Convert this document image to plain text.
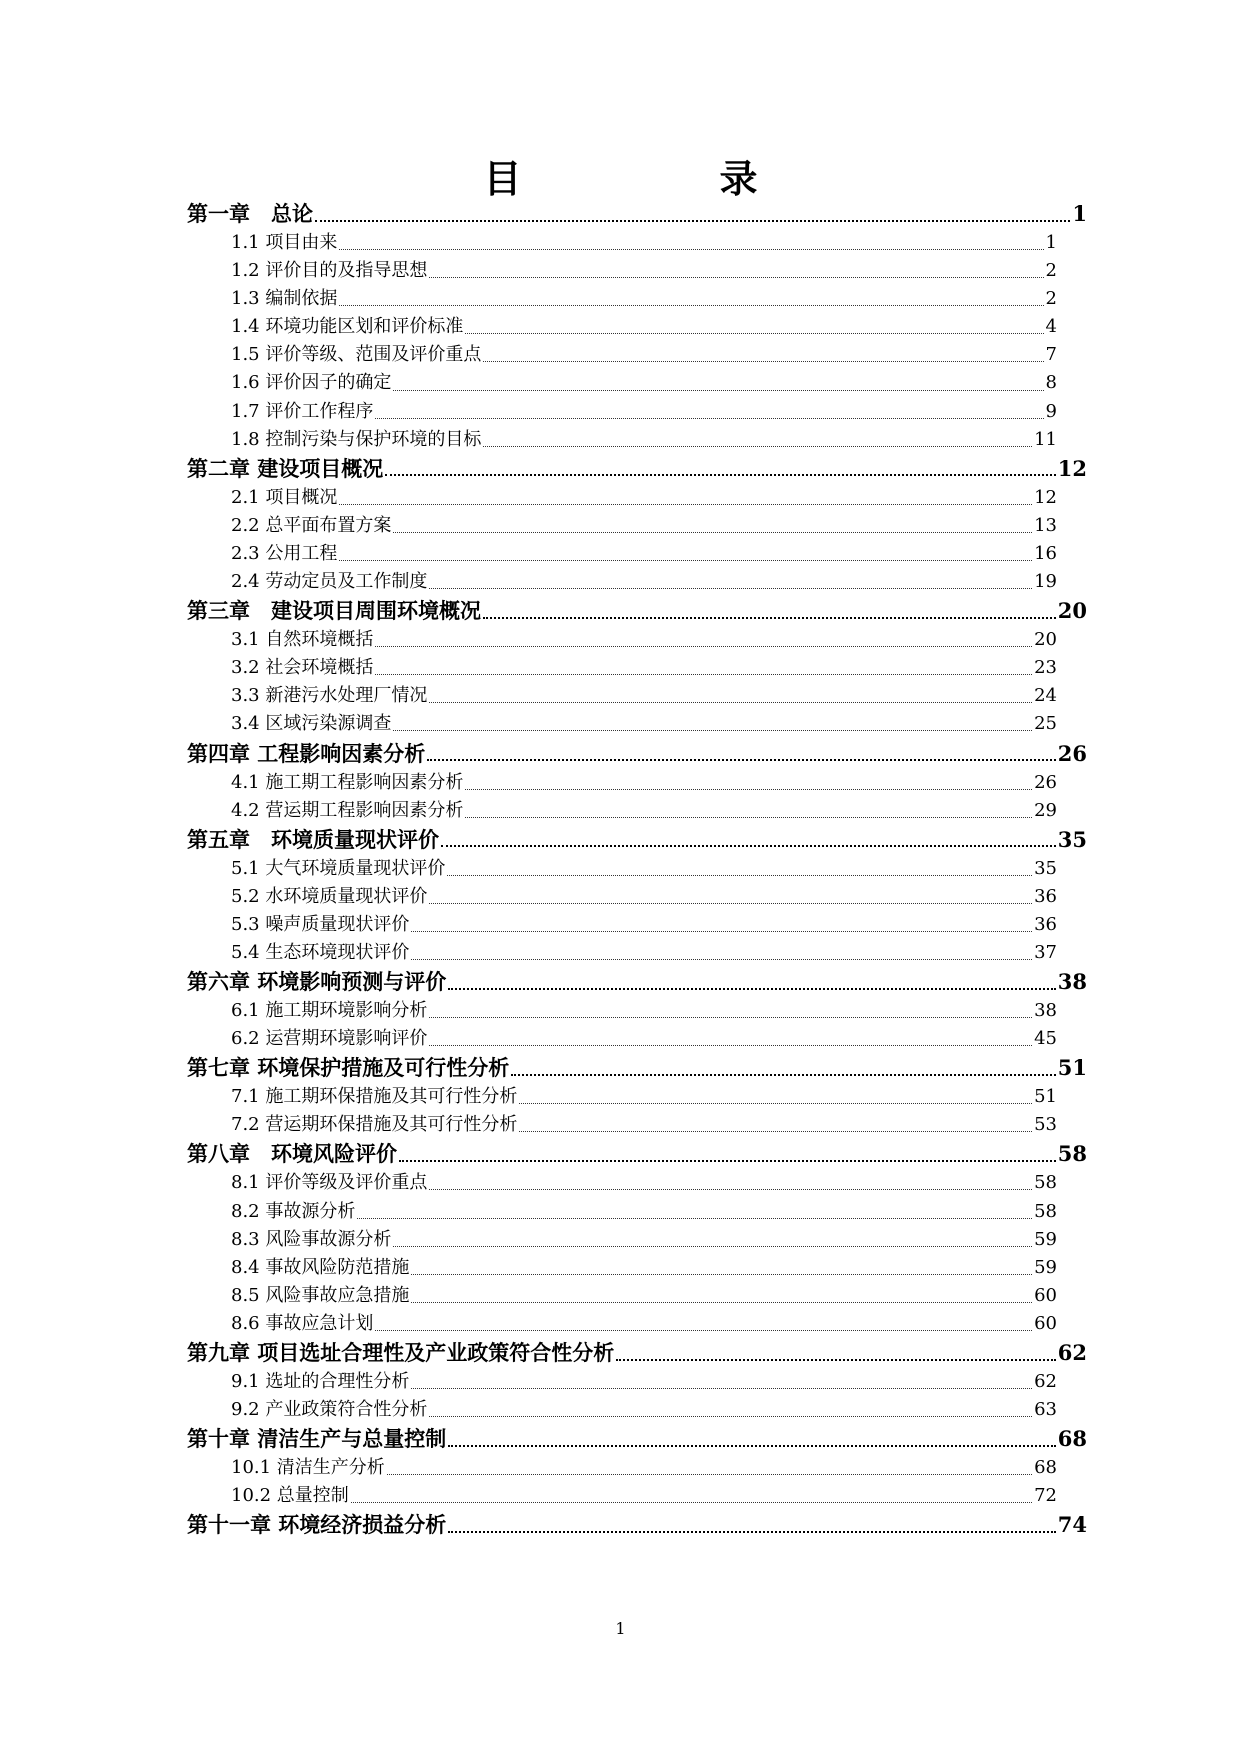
目　录
第一章　总论	1
1.1 项目由来	1
1.2 评价目的及指导思想	2
1.3 编制依据	2
1.4 环境功能区划和评价标准	4
1.5 评价等级、范围及评价重点	7
1.6 评价因子的确定	8
1.7 评价工作程序	9
1.8 控制污染与保护环境的目标	11
第二章 建设项目概况	12
2.1 项目概况	12
2.2 总平面布置方案	13
2.3 公用工程	16
2.4 劳动定员及工作制度	19
第三章　建设项目周围环境概况	20
3.1 自然环境概括	20
3.2 社会环境概括	23
3.3 新港污水处理厂情况	24
3.4 区域污染源调查	25
第四章 工程影响因素分析	26
4.1 施工期工程影响因素分析	26
4.2 营运期工程影响因素分析	29
第五章　环境质量现状评价	35
5.1 大气环境质量现状评价	35
5.2 水环境质量现状评价	36
5.3 噪声质量现状评价	36
5.4 生态环境现状评价	37
第六章 环境影响预测与评价	38
6.1 施工期环境影响分析	38
6.2 运营期环境影响评价	45
第七章 环境保护措施及可行性分析	51
7.1 施工期环保措施及其可行性分析	51
7.2 营运期环保措施及其可行性分析	53
第八章　环境风险评价	58
8.1 评价等级及评价重点	58
8.2 事故源分析	58
8.3 风险事故源分析	59
8.4 事故风险防范措施	59
8.5 风险事故应急措施	60
8.6 事故应急计划	60
第九章 项目选址合理性及产业政策符合性分析	62
9.1 选址的合理性分析	62
9.2 产业政策符合性分析	63
第十章 清洁生产与总量控制	68
10.1 清洁生产分析	68
10.2 总量控制	72
第十一章 环境经济损益分析	74
1
